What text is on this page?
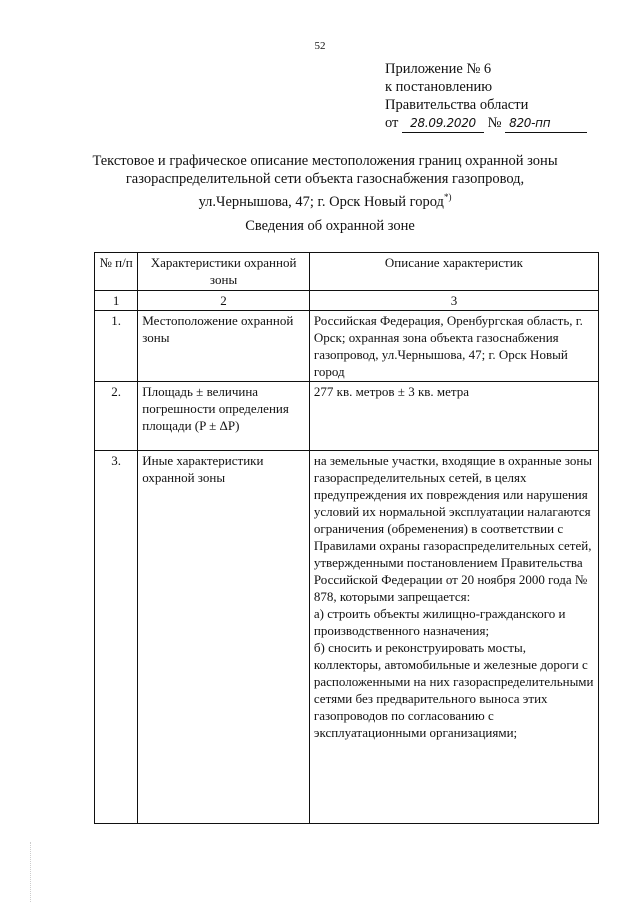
52
Приложение № 6
к постановлению
Правительства области
от 28.09.2020 № 820-пп
Текстовое и графическое описание местоположения границ охранной зоны газораспределительной сети объекта газоснабжения газопровод, ул.Чернышова, 47; г. Орск Новый город*)
Сведения об охранной зоне
№ п/п	Характеристики охранной зоны	Описание характеристик
1	2	3
1.	Местоположение охранной зоны	Российская Федерация, Оренбургская область, г. Орск; охранная зона объекта газоснабжения газопровод, ул.Чернышова, 47; г. Орск Новый город
2.	Площадь ± величина погрешности определения площади (P ± ΔP)	277 кв. метров ± 3 кв. метра
3.	Иные характеристики охранной зоны	на земельные участки, входящие в охранные зоны газораспределительных сетей, в целях предупреждения их повреждения или нарушения условий их нормальной эксплуатации налагаются ограничения (обременения) в соответствии с Правилами охраны газораспределительных сетей, утвержденными постановлением Правительства Российской Федерации от 20 ноября 2000 года № 878, которыми запрещается:
а) строить объекты жилищно-гражданского и производственного назначения;
б) сносить и реконструировать мосты, коллекторы, автомобильные и железные дороги с расположенными на них газораспределительными сетями без предварительного выноса этих газопроводов по согласованию с эксплуатационными организациями;
